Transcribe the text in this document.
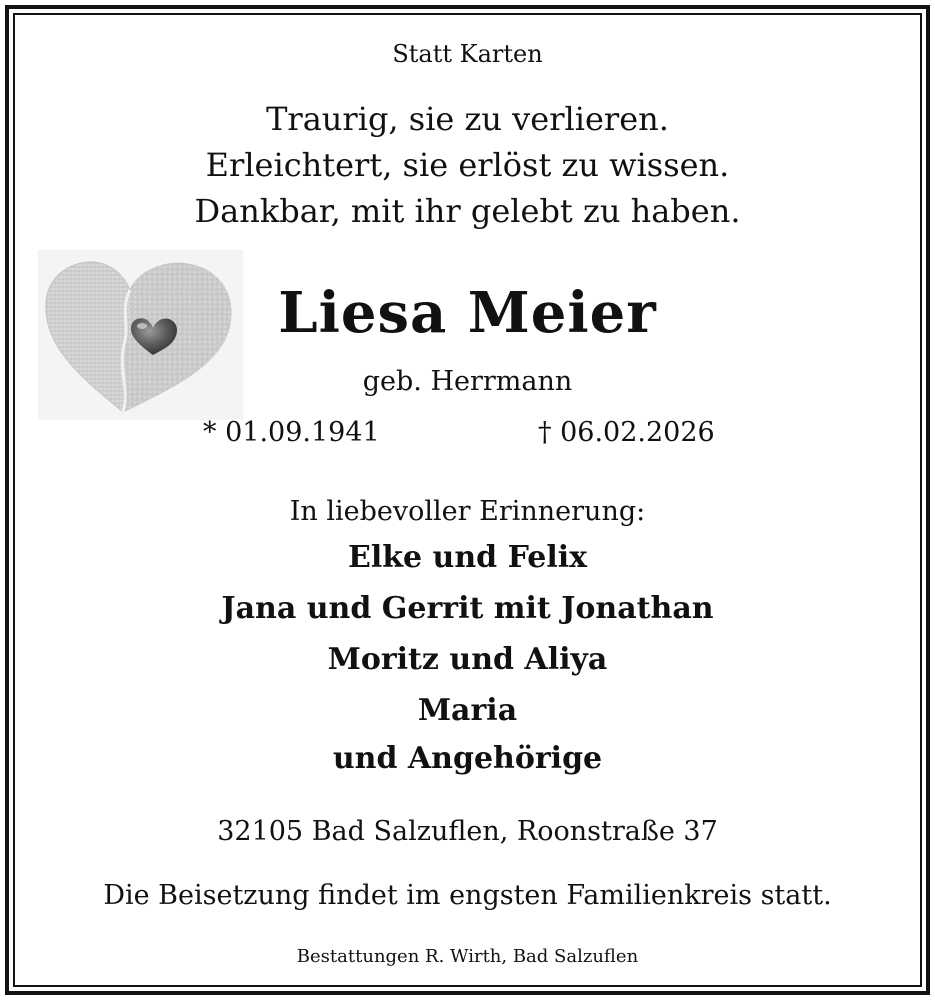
Statt Karten
Traurig, sie zu verlieren.
Erleichtert, sie erlöst zu wissen.
Dankbar, mit ihr gelebt zu haben.
Liesa Meier
geb. Herrmann
* 01.09.1941	† 06.02.2026
In liebevoller Erinnerung:
Elke und Felix
Jana und Gerrit mit Jonathan
Moritz und Aliya
Maria
und Angehörige
32105 Bad Salzuflen, Roonstraße 37
Die Beisetzung findet im engsten Familienkreis statt.
Bestattungen R. Wirth, Bad Salzuflen
